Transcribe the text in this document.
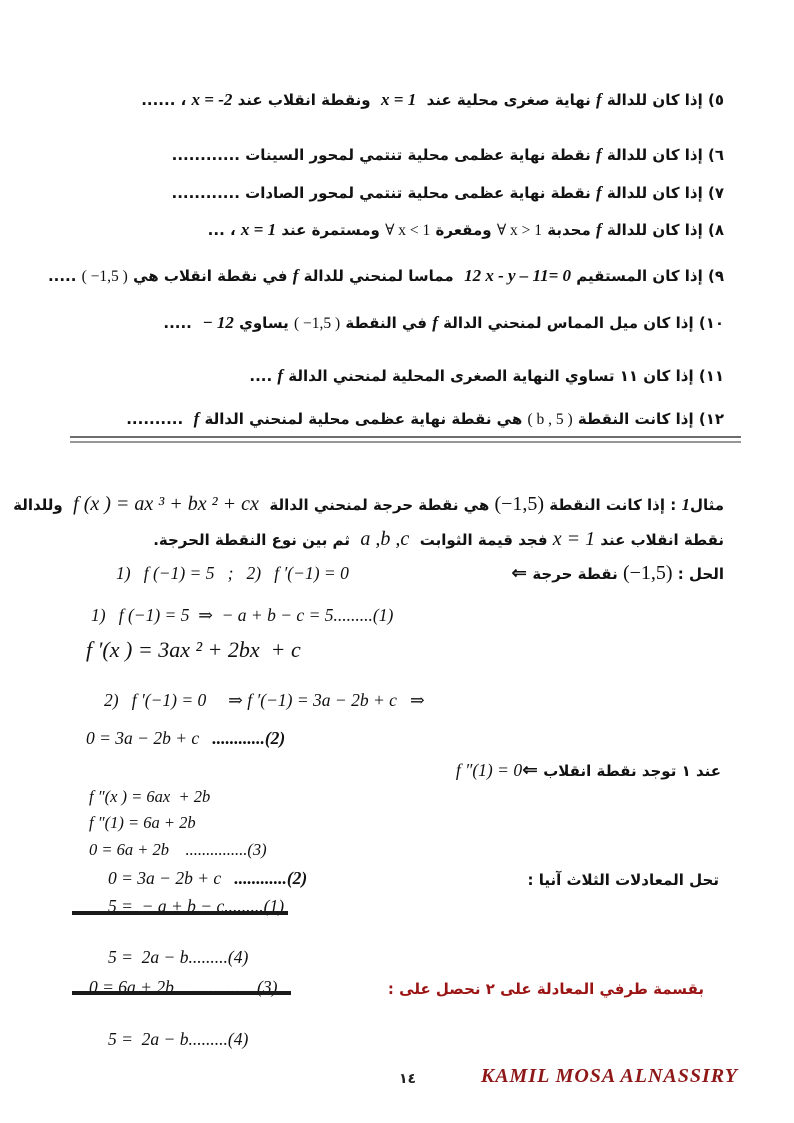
٥) إذا كان للدالة f نهاية صغرى محلية عند  x = 1  ونقطة انقلاب عند x = -2 ، ......

٦) إذا كان للدالة f نقطة نهاية عظمى محلية تنتمي لمحور السينات ............

٧) إذا كان للدالة f نقطة نهاية عظمى محلية تنتمي لمحور الصادات ............

٨) إذا كان للدالة f محدبة ∀ x > 1 ومقعرة ∀ x < 1 ومستمرة عند x = 1 ، ...

٩) إذا كان المستقيم 12 x - y – 11= 0  مماسا لمنحني للدالة f في نقطة انقلاب هي ( −1,5 ) .....

١٠) إذا كان ميل المماس لمنحني الدالة f في النقطة ( −1,5 ) يساوي − 12  .....

١١) إذا كان ١١ تساوي النهاية الصغرى المحلية لمنحني الدالة f ....

١٢) إذا كانت النقطة ( b , 5 ) هي نقطة نهاية عظمى محلية لمنحني الدالة f  ..........

مثال1 : إذا كانت النقطة (−1,5) هي نقطة حرجة لمنحني الدالة  f (x ) = ax ³ + bx ² + cx  وللدالة

نقطة انقلاب عند x = 1 فجد قيمة الثوابت  a ,b ,c  ثم بين نوع النقطة الحرجة.

الحل : (−1,5) نقطة حرجة ⇐

1)   f (−1) = 5   ;   2)   f ′(−1) = 0

1)   f (−1) = 5  ⇒  − a + b − c = 5.........(1)

f ′(x ) = 3ax ² + 2bx  + c

2)   f ′(−1) = 0     ⇒ f ′(−1) = 3a − 2b + c   ⇒

0 = 3a − 2b + c   ............(2)

عند ١ توجد نقطة انقلاب ⇐  f ″(1) = 0

f ″(x ) = 6ax  + 2b

f ″(1) = 6a + 2b

0 = 6a + 2b    ...............(3)

0 = 3a − 2b + c   ............(2)
	تحل المعادلات الثلاث آنيا :

5 =  − a + b − c.........(1)

5 =  2a − b.........(4)

0 = 6a + 2b    ...............(3)
	بقسمة طرفي المعادلة على ٢ نحصل على :

5 =  2a − b.........(4)

١٤
	KAMIL MOSA ALNASSIRY
